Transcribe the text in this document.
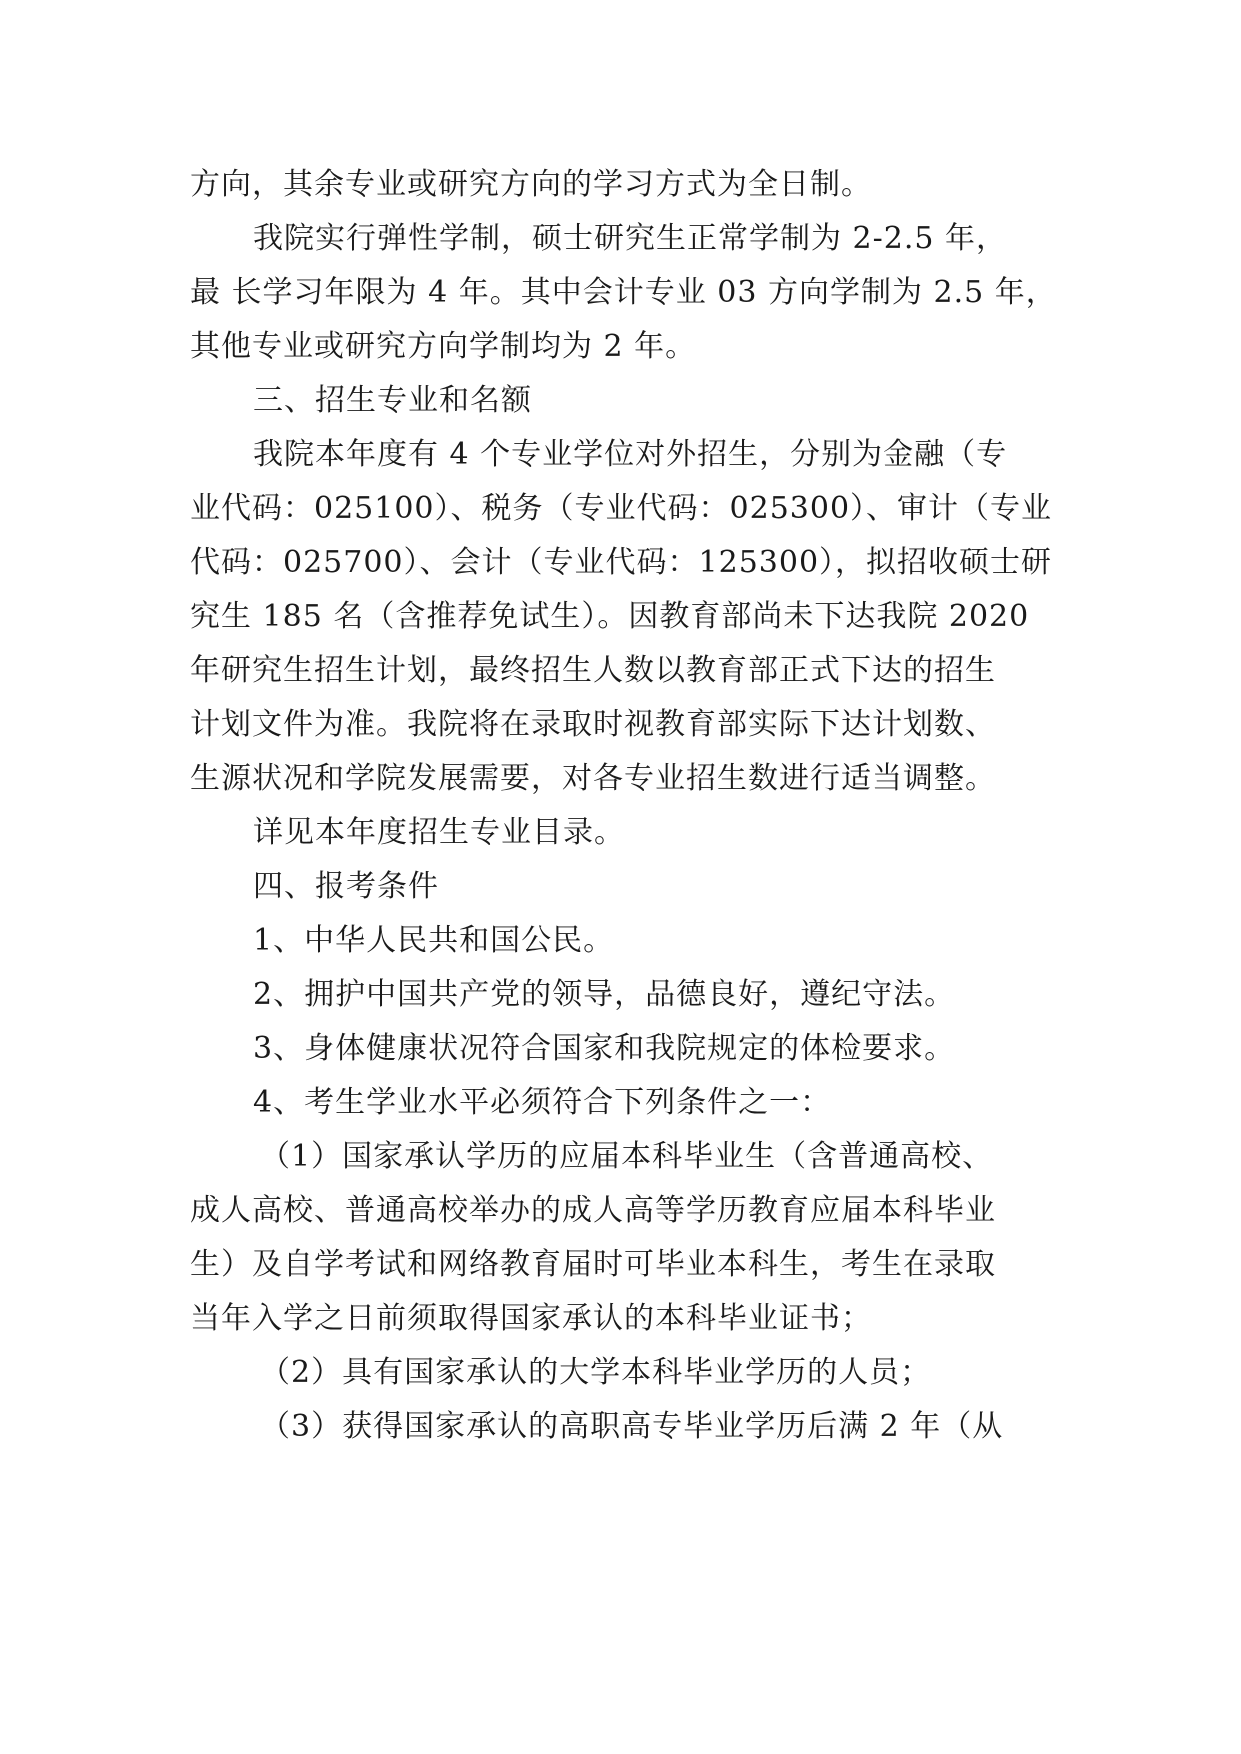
方向，其余专业或研究方向的学习方式为全日制。
我院实行弹性学制，硕士研究生正常学制为 2-2.5 年，
最 长学习年限为 4 年。其中会计专业 03 方向学制为 2.5 年，
其他专业或研究方向学制均为 2 年。
三、招生专业和名额
我院本年度有 4 个专业学位对外招生，分别为金融（专
业代码：025100）、税务（专业代码：025300）、审计（专业
代码：025700）、会计（专业代码：125300），拟招收硕士研
究生 185 名（含推荐免试生）。因教育部尚未下达我院 2020
年研究生招生计划，最终招生人数以教育部正式下达的招生
计划文件为准。我院将在录取时视教育部实际下达计划数、
生源状况和学院发展需要，对各专业招生数进行适当调整。
详见本年度招生专业目录。
四、报考条件
1、中华人民共和国公民。
2、拥护中国共产党的领导，品德良好，遵纪守法。
3、身体健康状况符合国家和我院规定的体检要求。
4、考生学业水平必须符合下列条件之一：
（1）国家承认学历的应届本科毕业生（含普通高校、
成人高校、普通高校举办的成人高等学历教育应届本科毕业
生）及自学考试和网络教育届时可毕业本科生，考生在录取
当年入学之日前须取得国家承认的本科毕业证书；
（2）具有国家承认的大学本科毕业学历的人员；
（3）获得国家承认的高职高专毕业学历后满 2 年（从
